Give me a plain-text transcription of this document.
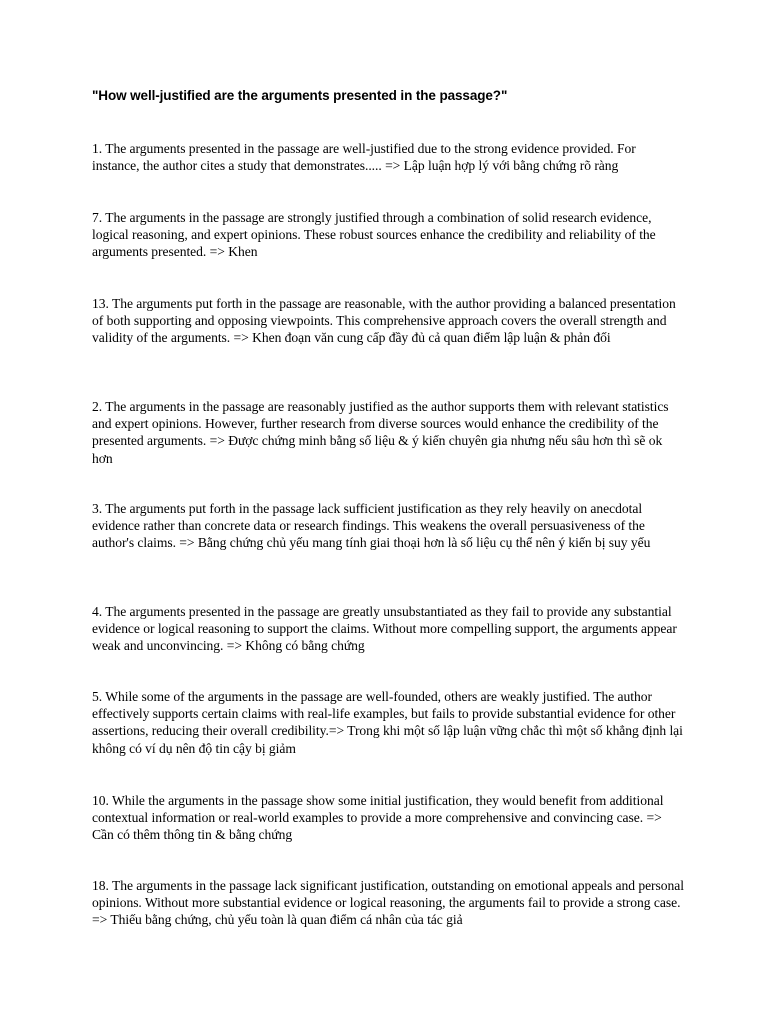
"How well-justified are the arguments presented in the passage?"

1. The arguments presented in the passage are well-justified due to the strong evidence provided. For instance, the author cites a study that demonstrates..... => Lập luận hợp lý với bằng chứng rõ ràng

7. The arguments in the passage are strongly justified through a combination of solid research evidence, logical reasoning, and expert opinions. These robust sources enhance the credibility and reliability of the arguments presented. => Khen

13. The arguments put forth in the passage are reasonable, with the author providing a balanced presentation of both supporting and opposing viewpoints. This comprehensive approach covers the overall strength and validity of the arguments. => Khen đoạn văn cung cấp đầy đủ cả quan điểm lập luận & phản đối

2. The arguments in the passage are reasonably justified as the author supports them with relevant statistics and expert opinions. However, further research from diverse sources would enhance the credibility of the presented arguments. => Được chứng minh bằng số liệu & ý kiến chuyên gia nhưng nếu sâu hơn thì sẽ ok hơn

3. The arguments put forth in the passage lack sufficient justification as they rely heavily on anecdotal evidence rather than concrete data or research findings. This weakens the overall persuasiveness of the author's claims. => Bằng chứng chủ yếu mang tính giai thoại hơn là số liệu cụ thể nên ý kiến bị suy yếu

4. The arguments presented in the passage are greatly unsubstantiated as they fail to provide any substantial evidence or logical reasoning to support the claims. Without more compelling support, the arguments appear weak and unconvincing. => Không có bằng chứng

5. While some of the arguments in the passage are well-founded, others are weakly justified. The author effectively supports certain claims with real-life examples, but fails to provide substantial evidence for other assertions, reducing their overall credibility.=> Trong khi một số lập luận vững chắc thì một số khẳng định lại không có ví dụ nên độ tin cậy bị giảm

10. While the arguments in the passage show some initial justification, they would benefit from additional contextual information or real-world examples to provide a more comprehensive and convincing case. => Cần có thêm thông tin & bằng chứng

18. The arguments in the passage lack significant justification, outstanding on emotional appeals and personal opinions. Without more substantial evidence or logical reasoning, the arguments fail to provide a strong case. => Thiếu bằng chứng, chủ yếu toàn là quan điểm cá nhân của tác giả
